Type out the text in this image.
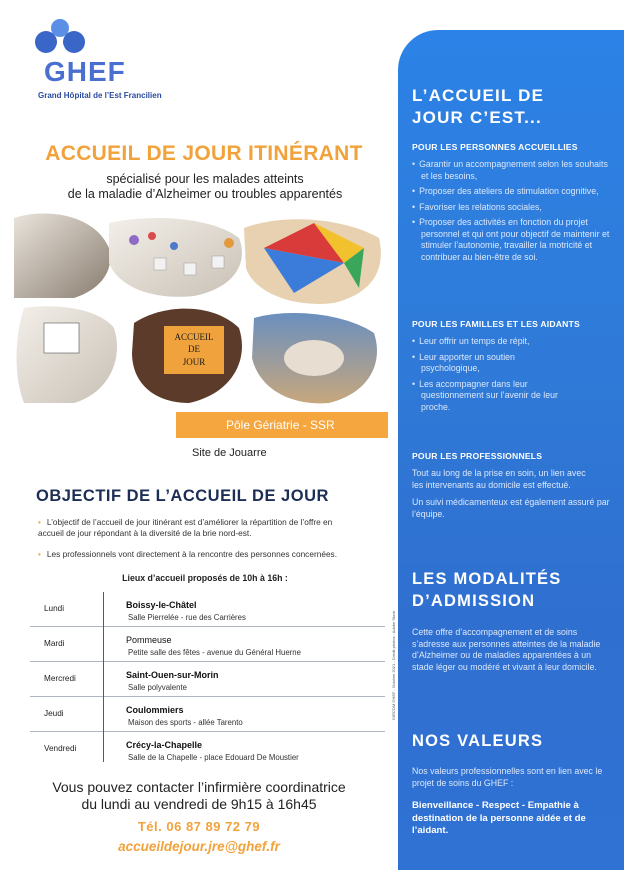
GHEF
Grand Hôpital de l’Est Francilien
ACCUEIL DE JOUR ITINÉRANT
spécialisé pour les malades atteints
de la maladie d’Alzheimer ou troubles apparentés
ACCUEIL
DE
JOUR
Pôle Gériatrie - SSR
Site de Jouarre
OBJECTIF DE L’ACCUEIL DE JOUR
• L’objectif de l’accueil de jour itinérant est d’améliorer la répartition de l’offre en accueil de jour répondant à la diversité de la brie nord-est.
• Les professionnels vont directement à la rencontre des personnes concernées.
Lieux d’accueil proposés de 10h à 16h :
Lundi	Boissy-le-Châtel
Salle Pierrelée - rue des Carrières
Mardi	Pommeuse
Petite salle des fêtes - avenue du Général Huerne
Mercredi	Saint-Ouen-sur-Morin
Salle polyvalente
Jeudi	Coulommiers
Maison des sports - allée Tarento
Vendredi	Crécy-la-Chapelle
Salle de la Chapelle - place Edouard De Moustier
Vous pouvez contacter l’infirmière coordinatrice
du lundi au vendredi de 9h15 à 16h45
Tél. 06 87 89 72 79
accueildejour.jre@ghef.fr
L’ACCUEIL DE
JOUR C’EST...
POUR LES PERSONNES ACCUEILLIES
• Garantir un accompagnement selon les souhaits et les besoins,
• Proposer des ateliers de stimulation cognitive,
• Favoriser les relations sociales,
• Proposer des activités en fonction du projet personnel et qui ont pour objectif de maintenir et stimuler l’autonomie, travailler la motricité et contribuer au bien-être de soi.
POUR LES FAMILLES ET LES AIDANTS
• Leur offrir un temps de répit,
• Leur apporter un soutien psychologique,
• Les accompagner dans leur questionnement sur l’avenir de leur proche.
POUR LES PROFESSIONNELS
Tout au long de la prise en soin, un lien avec les intervenants au domicile est effectué.
Un suivi médicamenteux est également assuré par l’équipe.
LES MODALITÉS
D’ADMISSION
Cette offre d’accompagnement et de soins s’adresse aux personnes atteintes de la maladie d’Alzheimer ou de maladies apparentées à un stade léger ou modéré et vivant à leur domicile.
NOS VALEURS
Nos valeurs professionnelles sont en lien avec le projet de soins du GHEF :
Bienveillance - Respect - Empathie à destination de la personne aidée et de l’aidant.
DIRCOM GHEF - Octobre 2021 - Crédit photos : Adobe Stock
